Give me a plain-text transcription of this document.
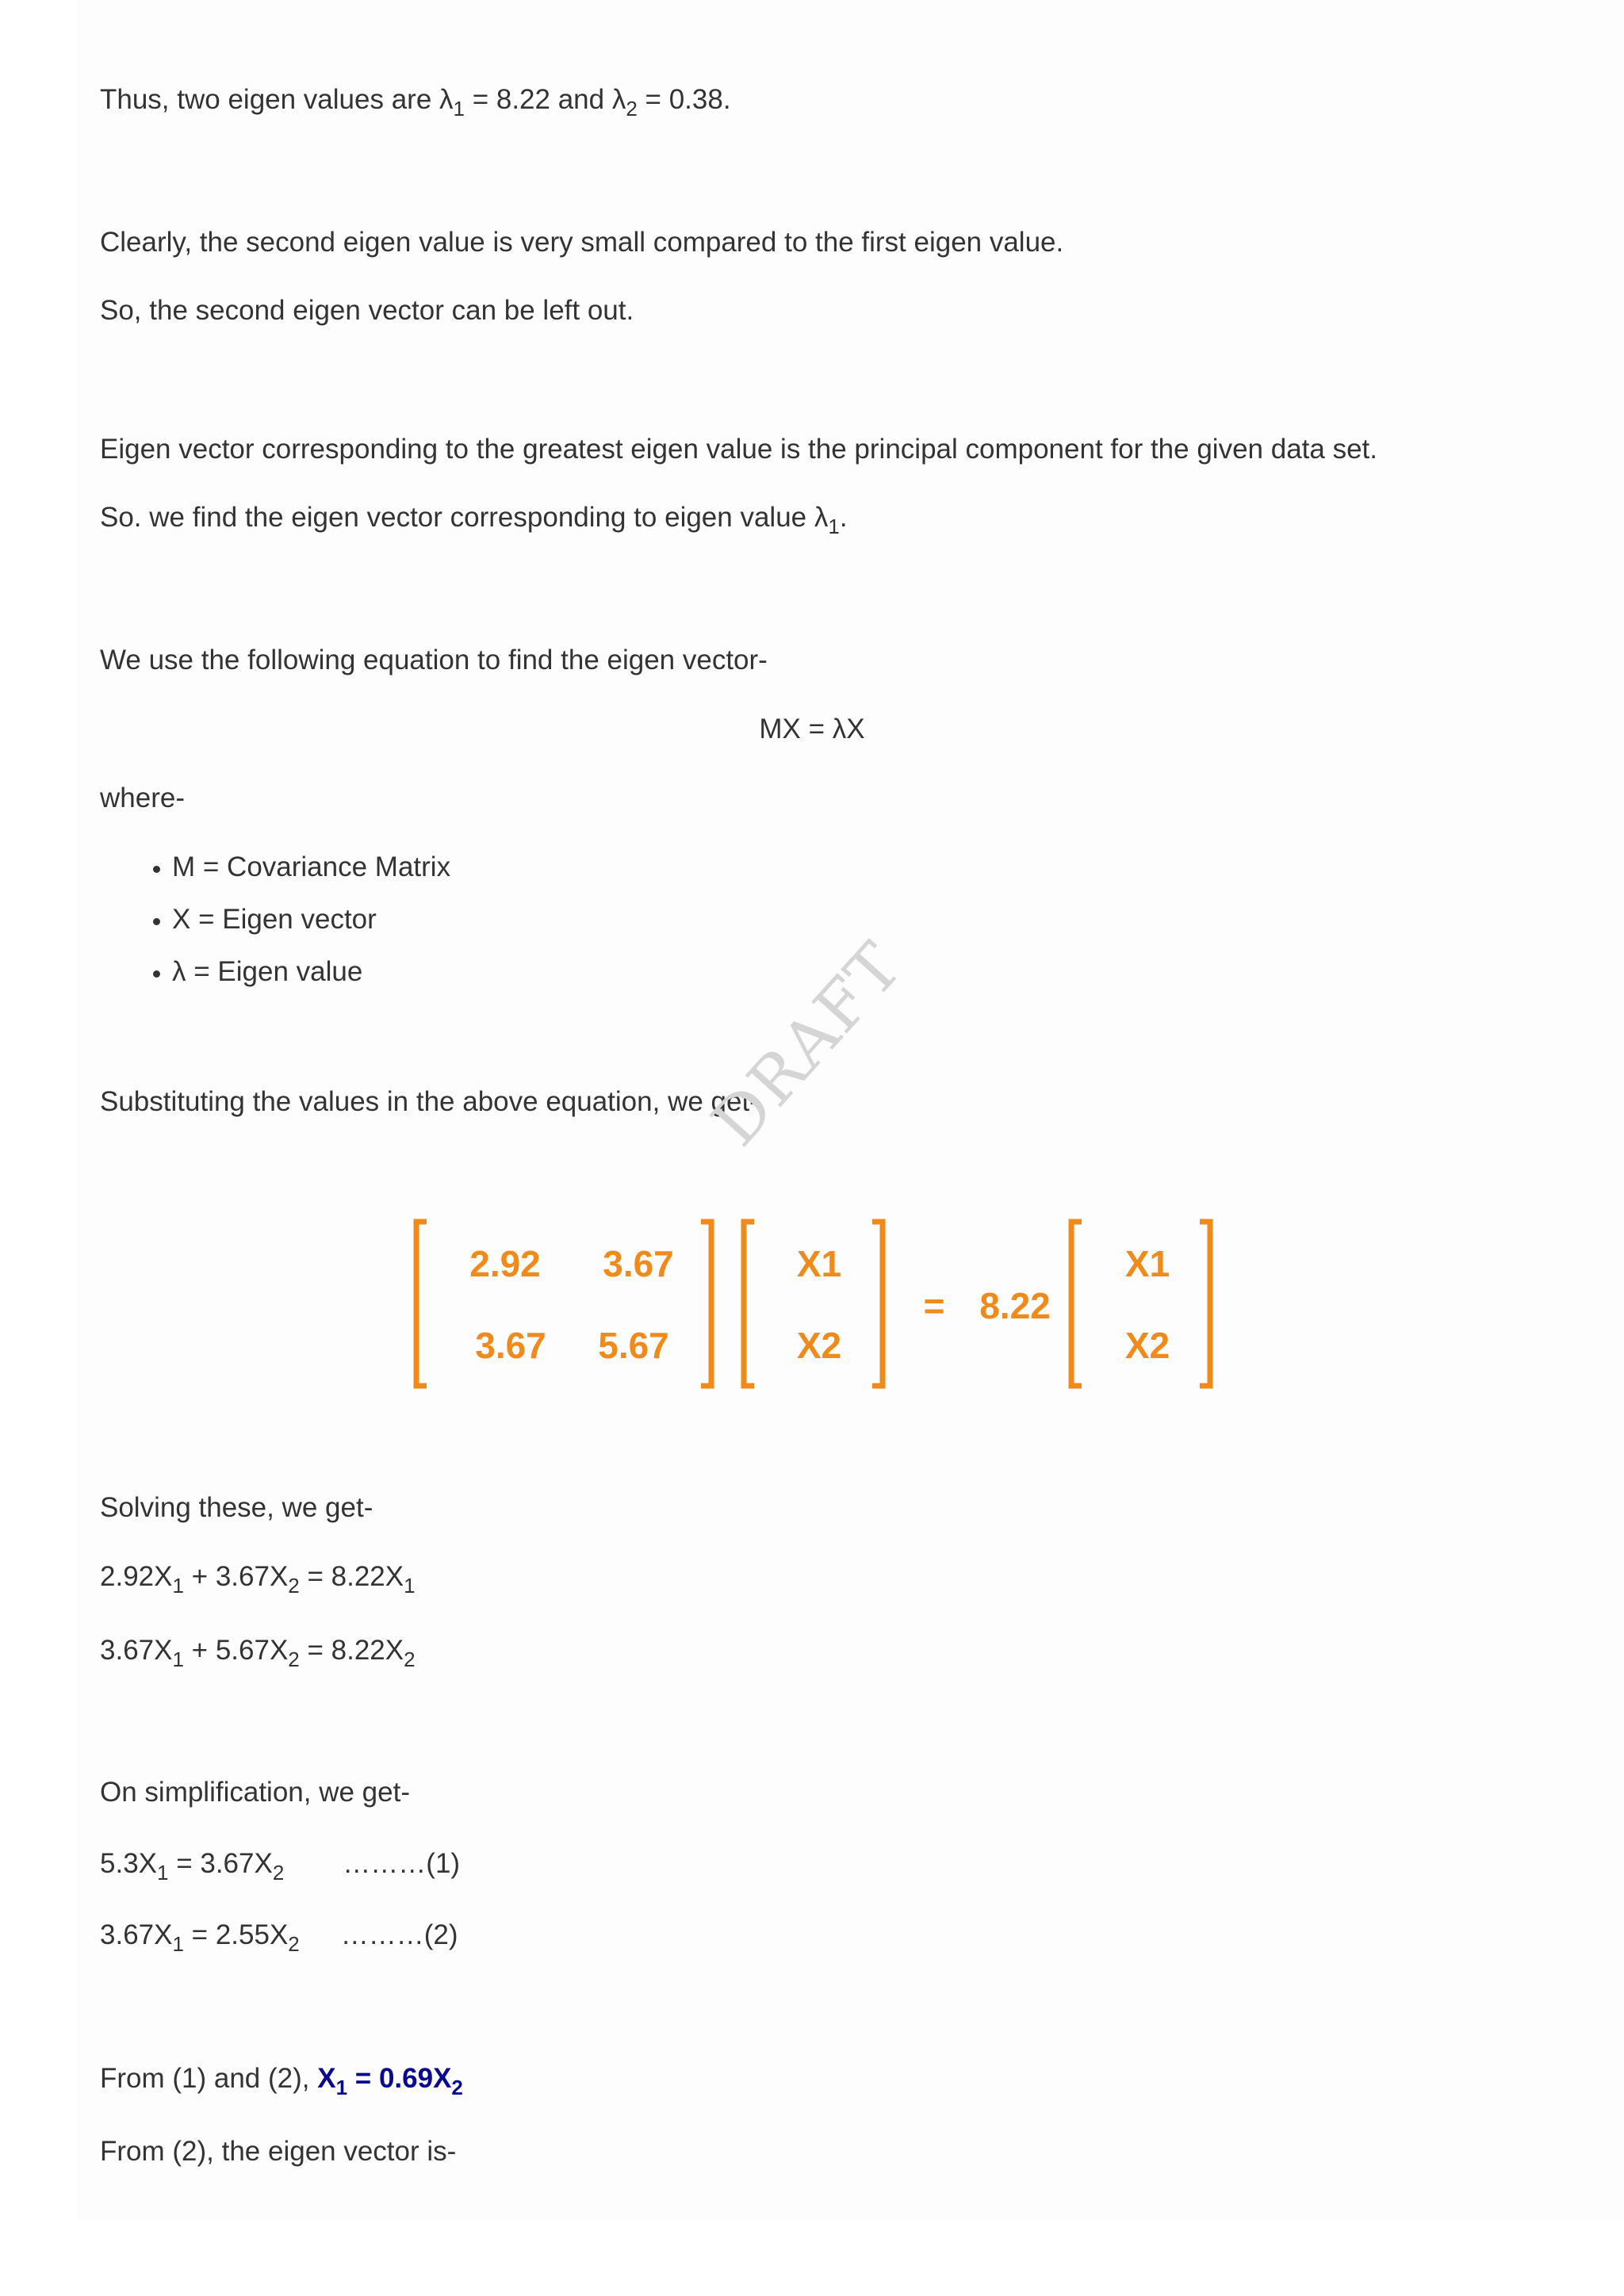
Thus, two eigen values are $\lambda_1 = 8.22$ and $\lambda_2 = 0.38$.
Clearly, the second eigen value is very small compared to the first eigen value.
So, the second eigen vector can be left out.
Eigen vector corresponding to the greatest eigen value is the principal component for the given data set.
So. we find the eigen vector corresponding to eigen value $\lambda_1$.
We use the following equation to find the eigen vector-
MX = λX
where-
• M = Covariance Matrix
• X = Eigen vector
• λ = Eigen value
Substituting the values in the above equation, we get-
DRAFT
2.92 3.67
3.67 5.67
X1
X2
= 8.22
X1
X2
Solving these, we get-
$2.92X_1 + 3.67X_2 = 8.22X_1$
$3.67X_1 + 5.67X_2 = 8.22X_2$
On simplification, we get-
$5.3X_1 = 3.67X_2$ ………(1)
$3.67X_1 = 2.55X_2$ ………(2)
From (1) and (2), $X_1 = 0.69X_2$
From (2), the eigen vector is-
